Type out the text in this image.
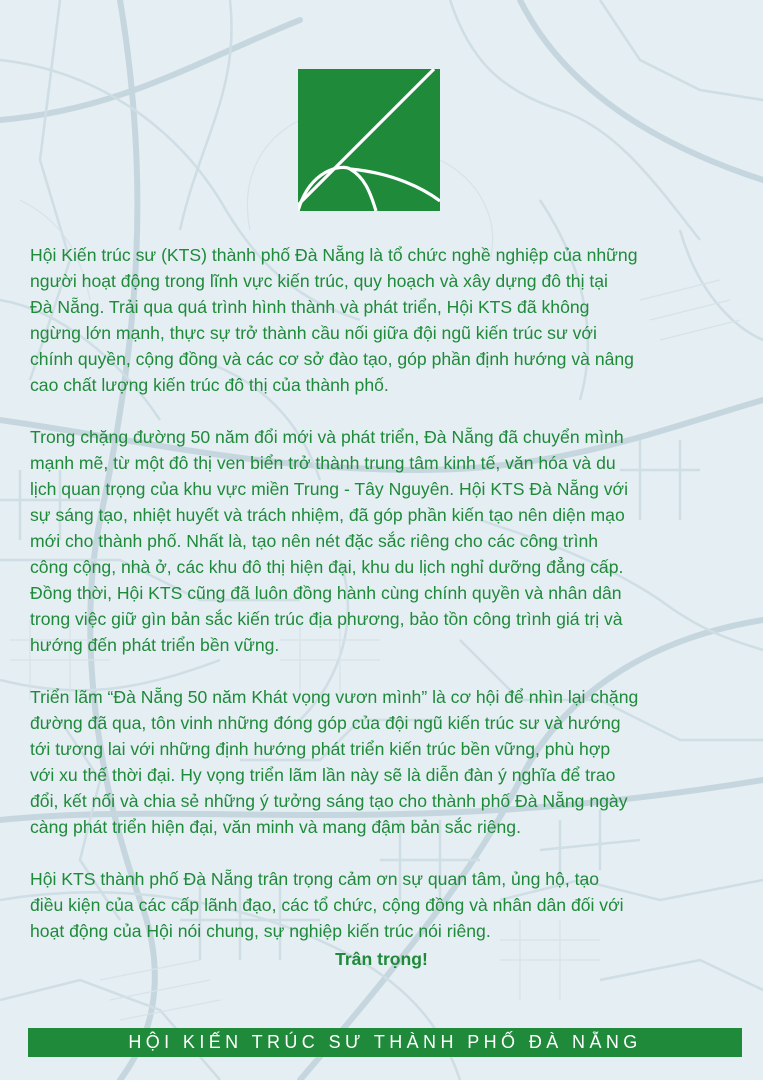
Hội Kiến trúc sư (KTS) thành phố Đà Nẵng là tổ chức nghề nghiệp của những
người hoạt động trong lĩnh vực kiến trúc, quy hoạch và xây dựng đô thị tại
Đà Nẵng. Trải qua quá trình hình thành và phát triển, Hội KTS đã không
ngừng lớn mạnh, thực sự trở thành cầu nối giữa đội ngũ kiến trúc sư với
chính quyền, cộng đồng và các cơ sở đào tạo, góp phần định hướng và nâng
cao chất lượng kiến trúc đô thị của thành phố.

Trong chặng đường 50 năm đổi mới và phát triển, Đà Nẵng đã chuyển mình
mạnh mẽ, từ một đô thị ven biển trở thành trung tâm kinh tế, văn hóa và du
lịch quan trọng của khu vực miền Trung - Tây Nguyên. Hội KTS Đà Nẵng với
sự sáng tạo, nhiệt huyết và trách nhiệm, đã góp phần kiến tạo nên diện mạo
mới cho thành phố. Nhất là, tạo nên nét đặc sắc riêng cho các công trình
công cộng, nhà ở, các khu đô thị hiện đại, khu du lịch nghỉ dưỡng đẳng cấp.
Đồng thời, Hội KTS cũng đã luôn đồng hành cùng chính quyền và nhân dân
trong việc giữ gìn bản sắc kiến trúc địa phương, bảo tồn công trình giá trị và
hướng đến phát triển bền vững.

Triển lãm “Đà Nẵng 50 năm Khát vọng vươn mình” là cơ hội để nhìn lại chặng
đường đã qua, tôn vinh những đóng góp của đội ngũ kiến trúc sư và hướng
tới tương lai với những định hướng phát triển kiến trúc bền vững, phù hợp
với xu thế thời đại. Hy vọng triển lãm lần này sẽ là diễn đàn ý nghĩa để trao
đổi, kết nối và chia sẻ những ý tưởng sáng tạo cho thành phố Đà Nẵng ngày
càng phát triển hiện đại, văn minh và mang đậm bản sắc riêng.

Hội KTS thành phố Đà Nẵng trân trọng cảm ơn sự quan tâm, ủng hộ, tạo
điều kiện của các cấp lãnh đạo, các tổ chức, cộng đồng và nhân dân đối với
hoạt động của Hội nói chung, sự nghiệp kiến trúc nói riêng.

Trân trọng!
HỘI KIẾN TRÚC SƯ THÀNH PHỐ ĐÀ NẴNG
